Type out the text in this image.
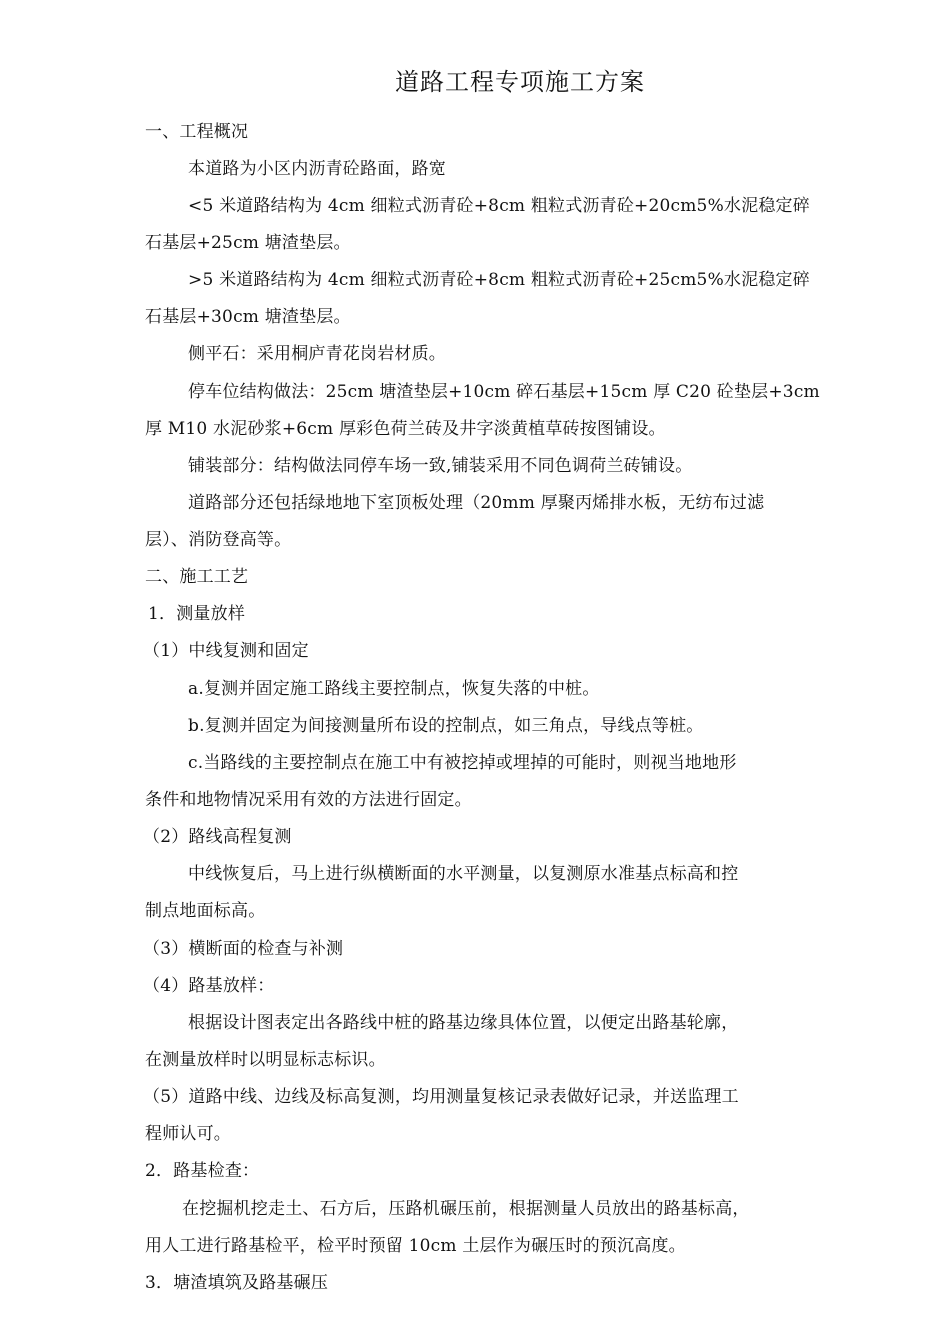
道路工程专项施工方案
一、工程概况
本道路为小区内沥青砼路面，路宽
<5 米道路结构为 4cm 细粒式沥青砼+8cm 粗粒式沥青砼+20cm5%水泥稳定碎
石基层+25cm 塘渣垫层。
>5 米道路结构为 4cm 细粒式沥青砼+8cm 粗粒式沥青砼+25cm5%水泥稳定碎
石基层+30cm 塘渣垫层。
侧平石：采用桐庐青花岗岩材质。
停车位结构做法：25cm 塘渣垫层+10cm 碎石基层+15cm 厚 C20 砼垫层+3cm
厚 M10 水泥砂浆+6cm 厚彩色荷兰砖及井字淡黄植草砖按图铺设。
铺装部分：结构做法同停车场一致,铺装采用不同色调荷兰砖铺设。
道路部分还包括绿地地下室顶板处理（20mm 厚聚丙烯排水板，无纺布过滤
层）、消防登高等。
二、施工工艺
1．测量放样
（1）中线复测和固定
a.复测并固定施工路线主要控制点，恢复失落的中桩。
b.复测并固定为间接测量所布设的控制点，如三角点，导线点等桩。
c.当路线的主要控制点在施工中有被挖掉或埋掉的可能时，则视当地地形
条件和地物情况采用有效的方法进行固定。
（2）路线高程复测
中线恢复后，马上进行纵横断面的水平测量，以复测原水准基点标高和控
制点地面标高。
（3）横断面的检查与补测
（4）路基放样：
根据设计图表定出各路线中桩的路基边缘具体位置，以便定出路基轮廓，
在测量放样时以明显标志标识。
（5）道路中线、边线及标高复测，均用测量复核记录表做好记录，并送监理工
程师认可。
2．路基检查：
在挖掘机挖走土、石方后，压路机碾压前，根据测量人员放出的路基标高，
用人工进行路基检平，检平时预留 10cm 土层作为碾压时的预沉高度。
3．塘渣填筑及路基碾压
